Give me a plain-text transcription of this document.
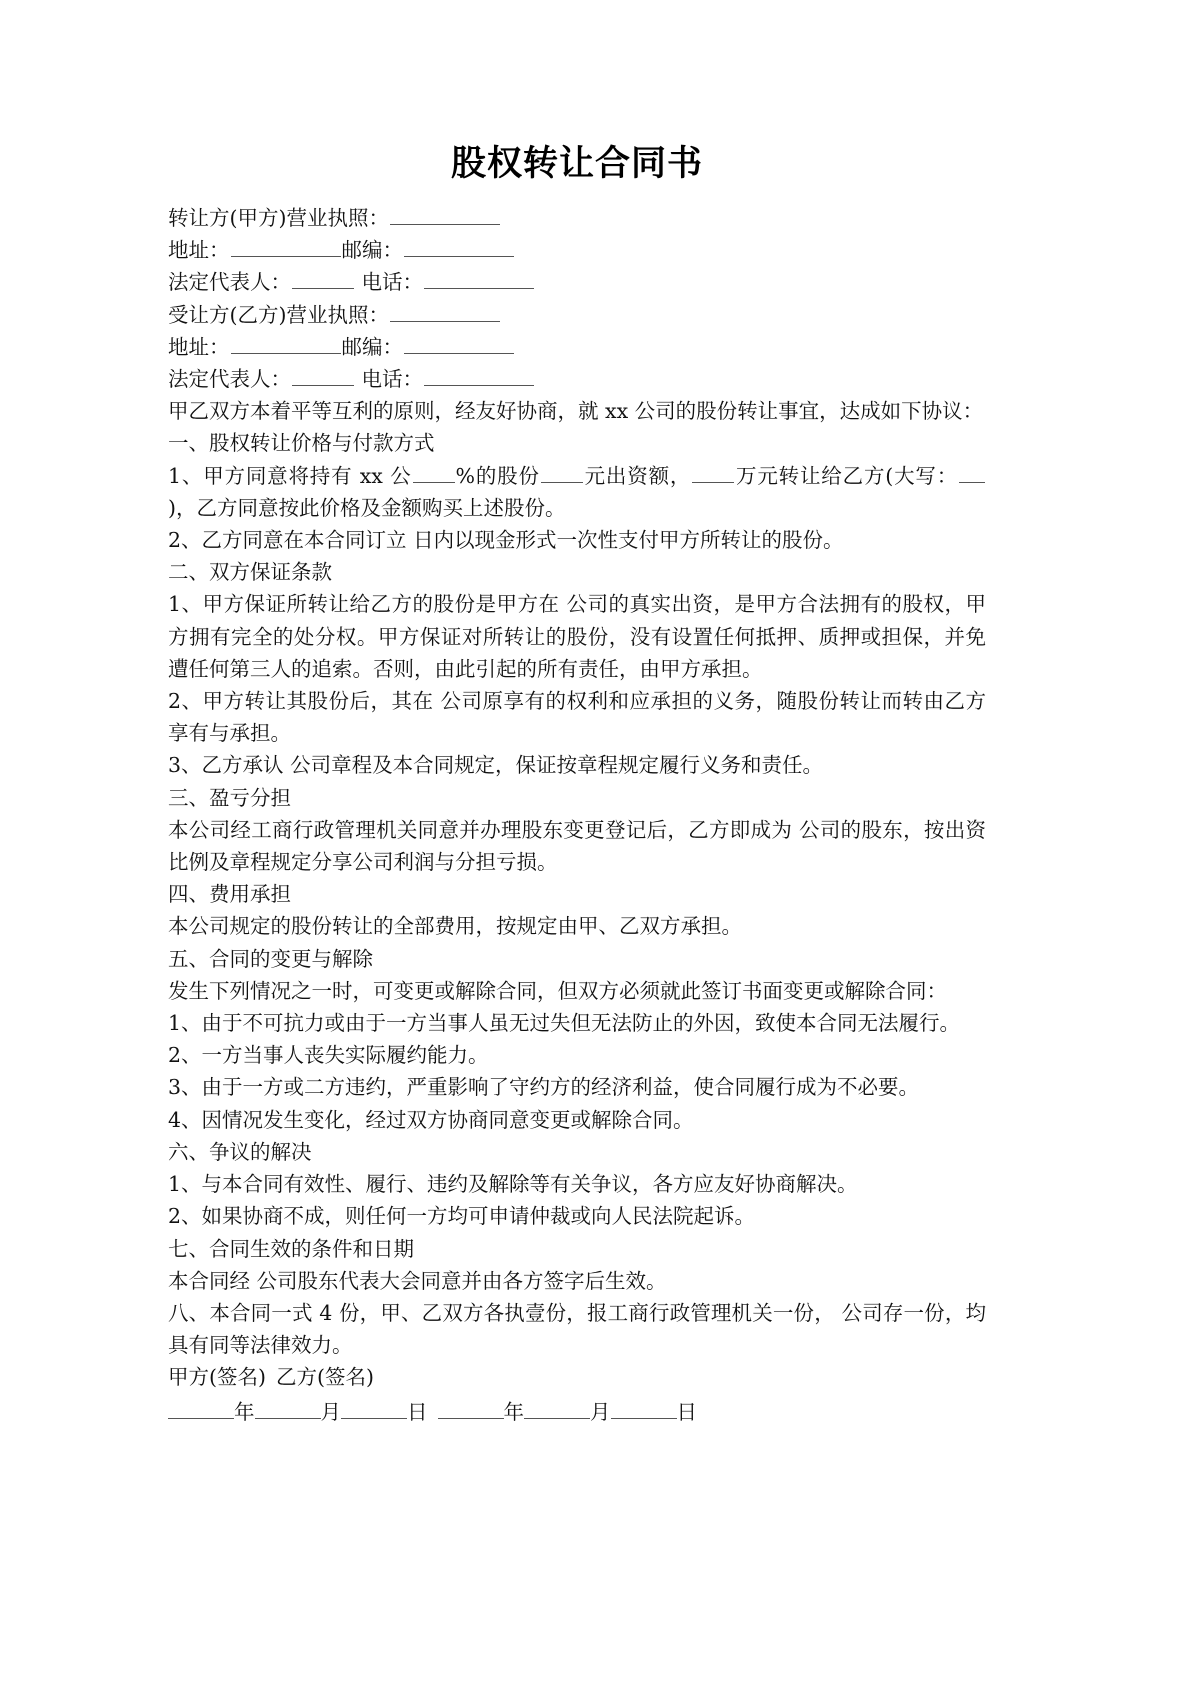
股权转让合同书
转让方(甲方)营业执照：
地址：	邮编：
法定代表人：	电话：
受让方(乙方)营业执照：
地址：	邮编：
法定代表人：	电话：
甲乙双方本着平等互利的原则，经友好协商，就 xx 公司的股份转让事宜，达成如下协议：
一、股权转让价格与付款方式
1、甲方同意将持有 xx 公 %的股份 元出资额， 万元转让给乙方(大写：)，乙方同意按此价格及金额购买上述股份。
2、乙方同意在本合同订立 日内以现金形式一次性支付甲方所转让的股份。
二、双方保证条款
1、甲方保证所转让给乙方的股份是甲方在 公司的真实出资，是甲方合法拥有的股权，甲方拥有完全的处分权。甲方保证对所转让的股份，没有设置任何抵押、质押或担保，并免遭任何第三人的追索。否则，由此引起的所有责任，由甲方承担。
2、甲方转让其股份后，其在 公司原享有的权利和应承担的义务，随股份转让而转由乙方享有与承担。
3、乙方承认 公司章程及本合同规定，保证按章程规定履行义务和责任。
三、盈亏分担
本公司经工商行政管理机关同意并办理股东变更登记后，乙方即成为 公司的股东，按出资比例及章程规定分享公司利润与分担亏损。
四、费用承担
本公司规定的股份转让的全部费用，按规定由甲、乙双方承担。
五、合同的变更与解除
发生下列情况之一时，可变更或解除合同，但双方必须就此签订书面变更或解除合同：
1、由于不可抗力或由于一方当事人虽无过失但无法防止的外因，致使本合同无法履行。
2、一方当事人丧失实际履约能力。
3、由于一方或二方违约，严重影响了守约方的经济利益，使合同履行成为不必要。
4、因情况发生变化，经过双方协商同意变更或解除合同。
六、争议的解决
1、与本合同有效性、履行、违约及解除等有关争议，各方应友好协商解决。
2、如果协商不成，则任何一方均可申请仲裁或向人民法院起诉。
七、合同生效的条件和日期
本合同经 公司股东代表大会同意并由各方签字后生效。
八、本合同一式 4 份，甲、乙双方各执壹份，报工商行政管理机关一份， 公司存一份，均具有同等法律效力。
甲方(签名) 乙方(签名)
年	月	日	年	月	日
